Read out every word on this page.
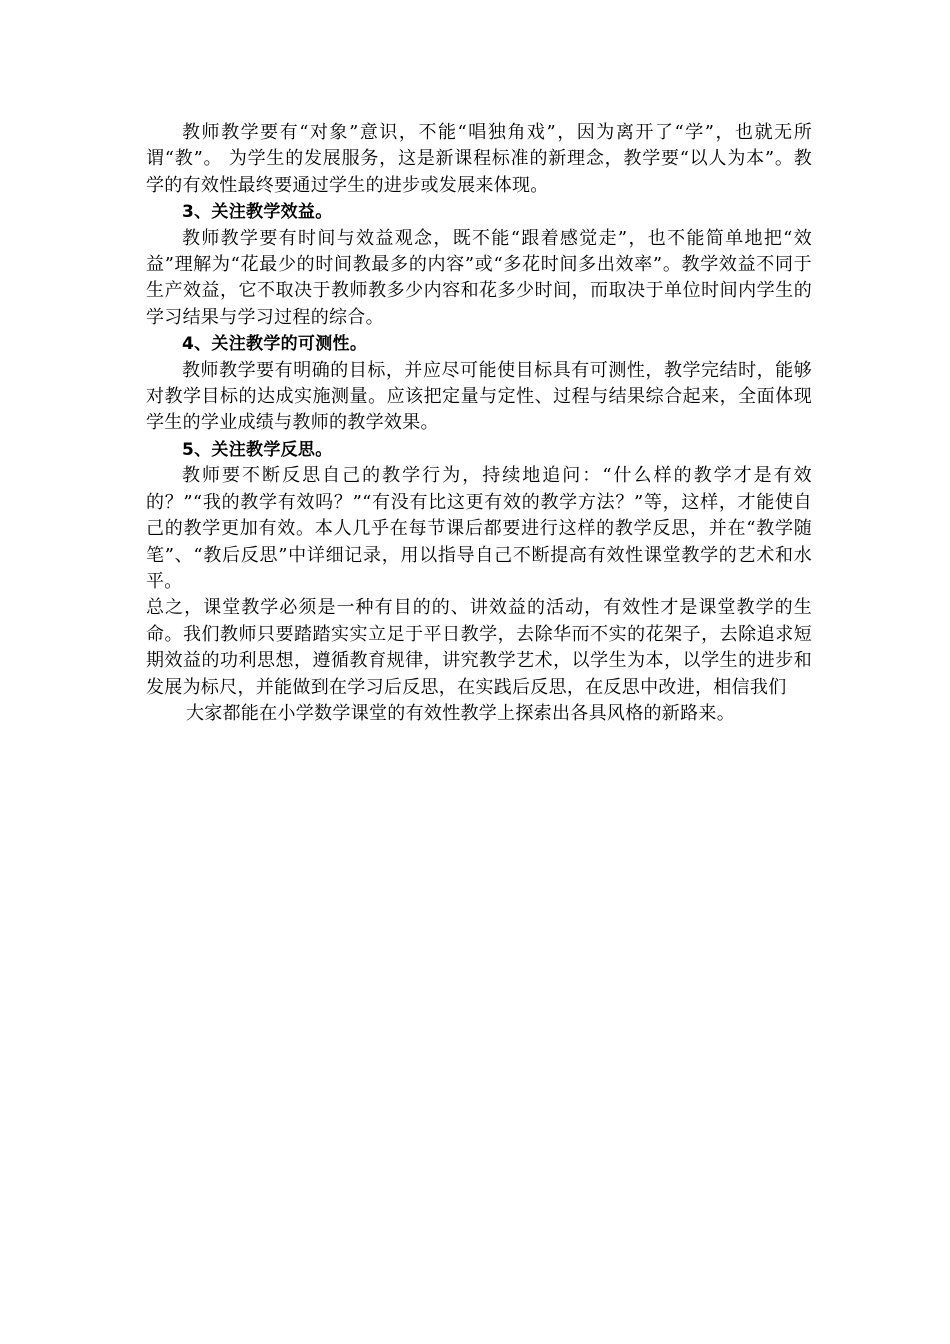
教师教学要有“对象”意识，不能“唱独角戏”，因为离开了“学”，也就无所谓“教”。 为学生的发展服务，这是新课程标准的新理念，教学要“以人为本”。教学的有效性最终要通过学生的进步或发展来体现。

3、关注教学效益。

教师教学要有时间与效益观念，既不能“跟着感觉走”，也不能简单地把“效益”理解为“花最少的时间教最多的内容”或“多花时间多出效率”。教学效益不同于生产效益，它不取决于教师教多少内容和花多少时间，而取决于单位时间内学生的学习结果与学习过程的综合。

4、关注教学的可测性。

教师教学要有明确的目标，并应尽可能使目标具有可测性，教学完结时，能够对教学目标的达成实施测量。应该把定量与定性、过程与结果综合起来，全面体现学生的学业成绩与教师的教学效果。

5、关注教学反思。

教师要不断反思自己的教学行为，持续地追问：“什么样的教学才是有效的？”“我的教学有效吗？”“有没有比这更有效的教学方法？”等，这样，才能使自己的教学更加有效。本人几乎在每节课后都要进行这样的教学反思，并在“教学随笔”、“教后反思”中详细记录，用以指导自己不断提高有效性课堂教学的艺术和水平。

总之，课堂教学必须是一种有目的的、讲效益的活动，有效性才是课堂教学的生命。我们教师只要踏踏实实立足于平日教学，去除华而不实的花架子，去除追求短期效益的功利思想，遵循教育规律，讲究教学艺术，以学生为本，以学生的进步和发展为标尺，并能做到在学习后反思，在实践后反思，在反思中改进，相信我们

大家都能在小学数学课堂的有效性教学上探索出各具风格的新路来。
